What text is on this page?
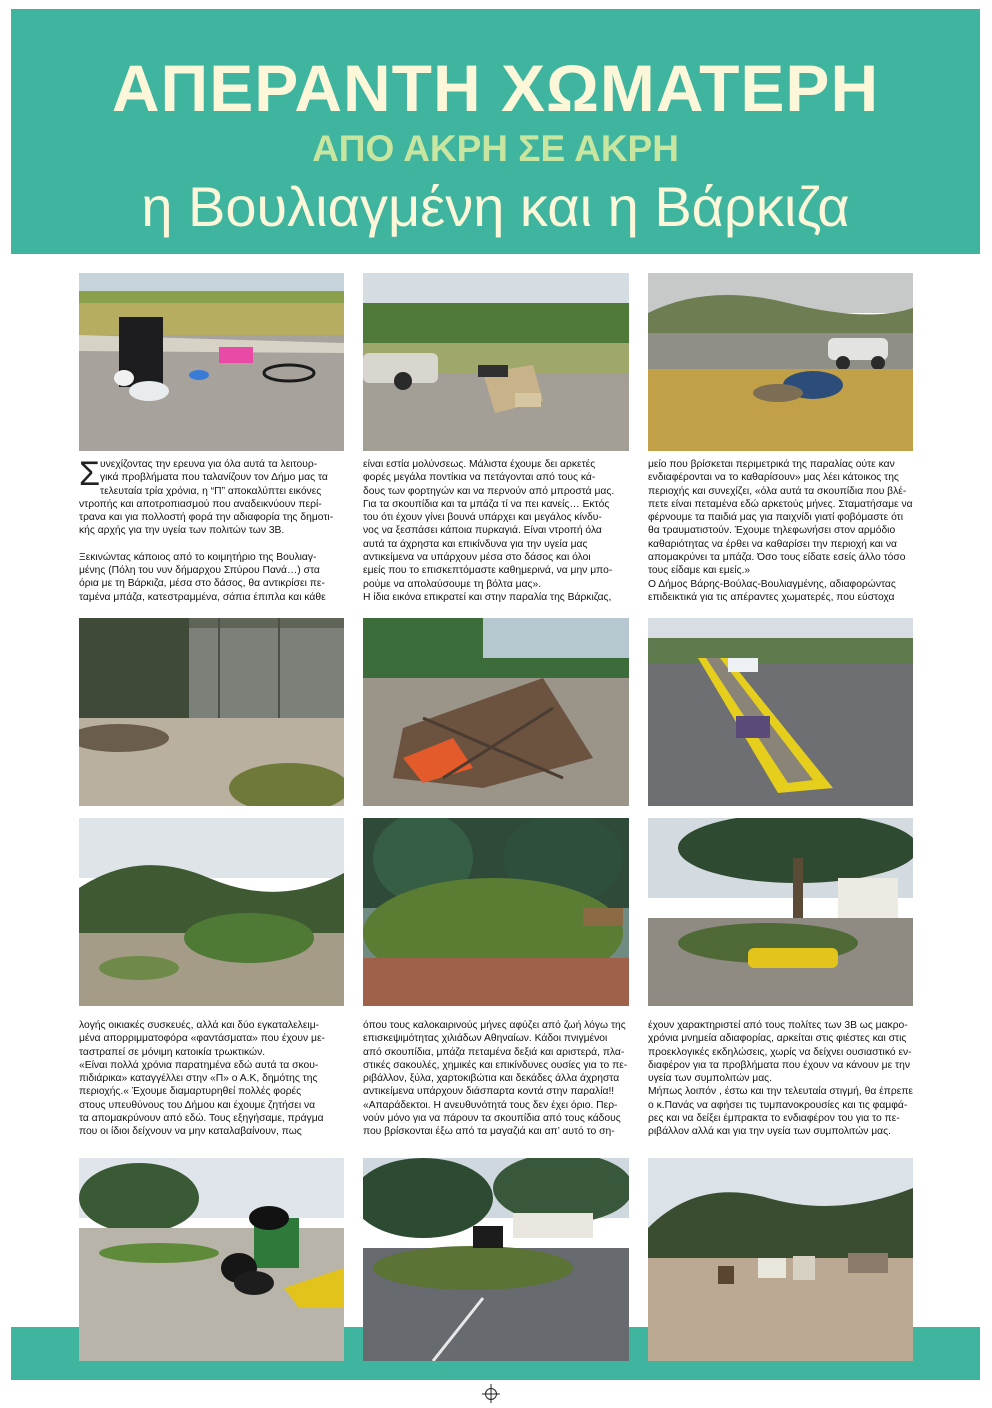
ΑΠΕΡΑΝΤΗ ΧΩΜΑΤΕΡΗ
ΑΠΟ ΑΚΡΗ ΣΕ ΑΚΡΗ
η Βουλιαγμένη και η Βάρκιζα
Σ υνεχίζοντας την ερευνα για όλα αυτά τα λειτουρ-

γικά προβλήματα που ταλανίζουν τον Δήμο μας τα

τελευταία τρία χρόνια, η “Π” αποκαλύπτει εικόνες

ντροπής και αποτροπιασμού που αναδεικνύουν περί-

τρανα και για πολλοστή φορά την αδιαφορία της δημοτι-

κής αρχής για την υγεία των πολιτών των 3Β.

Ξεκινώντας κάποιος από το κοιμητήριο της Βουλιαγ-

μένης (Πόλη του νυν δήμαρχου Σπύρου Πανά…) στα

όρια με τη Βάρκιζα, μέσα στο δάσος, θα αντικρίσει πε-

ταμένα μπάζα, κατεστραμμένα, σάπια έπιπλα και κάθε

είναι εστία μολύνσεως. Μάλιστα έχουμε δει αρκετές

φορές μεγάλα ποντίκια να πετάγονται από τους κά-

δους των φορτηγών και να περνούν από μπροστά μας.

Για τα σκουπίδια και τα μπάζα τί να πει κανείς… Εκτός

του ότι έχουν γίνει βουνά υπάρχει και μεγάλος κίνδυ-

νος να ξεσπάσει κάποια πυρκαγιά. Είναι ντροπή όλα

αυτά τα άχρηστα και επικίνδυνα για την υγεία μας

αντικείμενα να υπάρχουν μέσα στο δάσος και όλοι

εμείς που το επισκεπτόμαστε καθημερινά, να μην μπο-

ρούμε να απολαύσουμε τη βόλτα μας».

Η ίδια εικόνα επικρατεί και στην παραλία της Βάρκιζας,

μείο που βρίσκεται περιμετρικά της παραλίας ούτε καν

ενδιαφέρονται να το καθαρίσουν» μας λέει κάτοικος της

περιοχής και συνεχίζει, «όλα αυτά τα σκουπίδια που βλέ-

πετε είναι πεταμένα εδώ αρκετούς μήνες. Σταματήσαμε να

φέρνουμε τα παιδιά μας για παιχνίδι γιατί φοβόμαστε ότι

θα τραυματιστούν. Έχουμε τηλεφωνήσει στον αρμόδιο

καθαριότητας να έρθει να καθαρίσει την περιοχή και να

απομακρύνει τα μπάζα. Όσο τους είδατε εσείς άλλο τόσο

τους είδαμε και εμείς.»

Ο Δήμος Βάρης-Βούλας-Βουλιαγμένης, αδιαφορώντας

επιδεικτικά για τις απέραντες χωματερές, που εύστοχα

λογής οικιακές συσκευές, αλλά και δύο εγκαταλελειμ-

μένα απορριμματοφόρα «φαντάσματα» που έχουν με-

ταστραπεί σε μόνιμη κατοικία τρωκτικών.

«Είναι πολλά χρόνια παρατημένα εδώ αυτά τα σκου-

πιδιάρικα» καταγγέλλει στην «Π» ο Α.Κ, δημότης της

περιοχής.« Έχουμε διαμαρτυρηθεί πολλές φορές

στους υπευθύνους του Δήμου και έχουμε ζητήσει να

τα απομακρύνουν από εδώ. Τους εξηγήσαμε, πράγμα

που οι ίδιοι δείχνουν να μην καταλαβαίνουν, πως

όπου τους καλοκαιρινούς μήνες αφύζει από ζωή λόγω της

επισκεψιμότητας χιλιάδων Αθηναίων. Κάδοι πνιγμένοι

από σκουπίδια, μπάζα πεταμένα δεξιά και αριστερά, πλα-

στικές σακουλές, χημικές και επικίνδυνες ουσίες για το πε-

ριβάλλον, ξύλα, χαρτοκιβώτια και δεκάδες άλλα άχρηστα

αντικείμενα υπάρχουν διάσπαρτα κοντά στην παραλία!!

«Απαράδεκτοι. Η ανευθυνότητά τους δεν έχει όριο. Περ-

νούν μόνο για να πάρουν τα σκουπίδια από τους κάδους

που βρίσκονται έξω από τα μαγαζιά και απ’ αυτό το ση-

έχουν χαρακτηριστεί από τους πολίτες των 3Β ως μακρο-

χρόνια μνημεία αδιαφορίας, αρκείται στις φιέστες και στις

προεκλογικές εκδηλώσεις, χωρίς να δείχνει ουσιαστικό εν-

διαφέρον για τα προβλήματα που έχουν να κάνουν με την

υγεία των συμπολιτών μας.

Μήπως λοιπόν , έστω και την τελευταία στιγμή, θα έπρεπε

ο κ.Πανάς να αφήσει τις τυμπανοκρουσίες και τις φαμφά-

ρες και να δείξει έμπρακτα το ενδιαφέρον του για το πε-

ριβάλλον αλλά και για την υγεία των συμπολιτών μας.
